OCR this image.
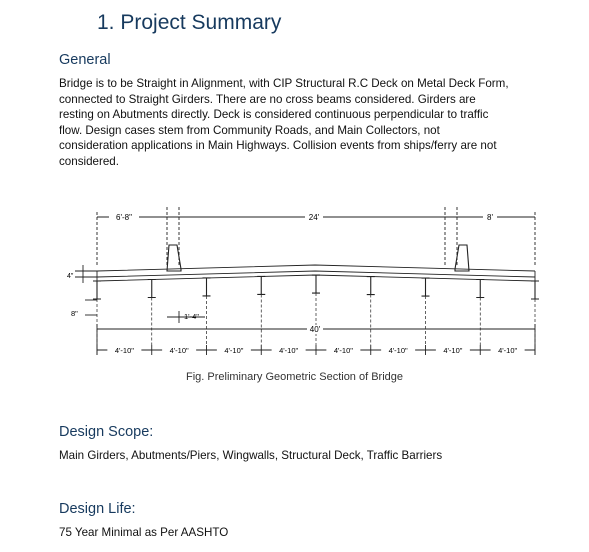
1. Project Summary
General

Bridge is to be Straight in Alignment, with CIP Structural R.C Deck on Metal Deck Form,
connected to Straight Girders. There are no cross beams considered. Girders are
resting on Abutments directly. Deck is considered continuous perpendicular to traffic
flow. Design cases stem from Community Roads, and Main Collectors, not
consideration applications in Main Highways. Collision events from ships/ferry are not
considered.

6'-8"	24'	8'
4"
8"	1'-4"
40'
4'-10"	4'-10"	4'-10"	4'-10"	4'-10"	4'-10"	4'-10"	4'-10"

Fig. Preliminary Geometric Section of Bridge

Design Scope:

Main Girders, Abutments/Piers, Wingwalls, Structural Deck, Traffic Barriers

Design Life:

75 Year Minimal as Per AASHTO
